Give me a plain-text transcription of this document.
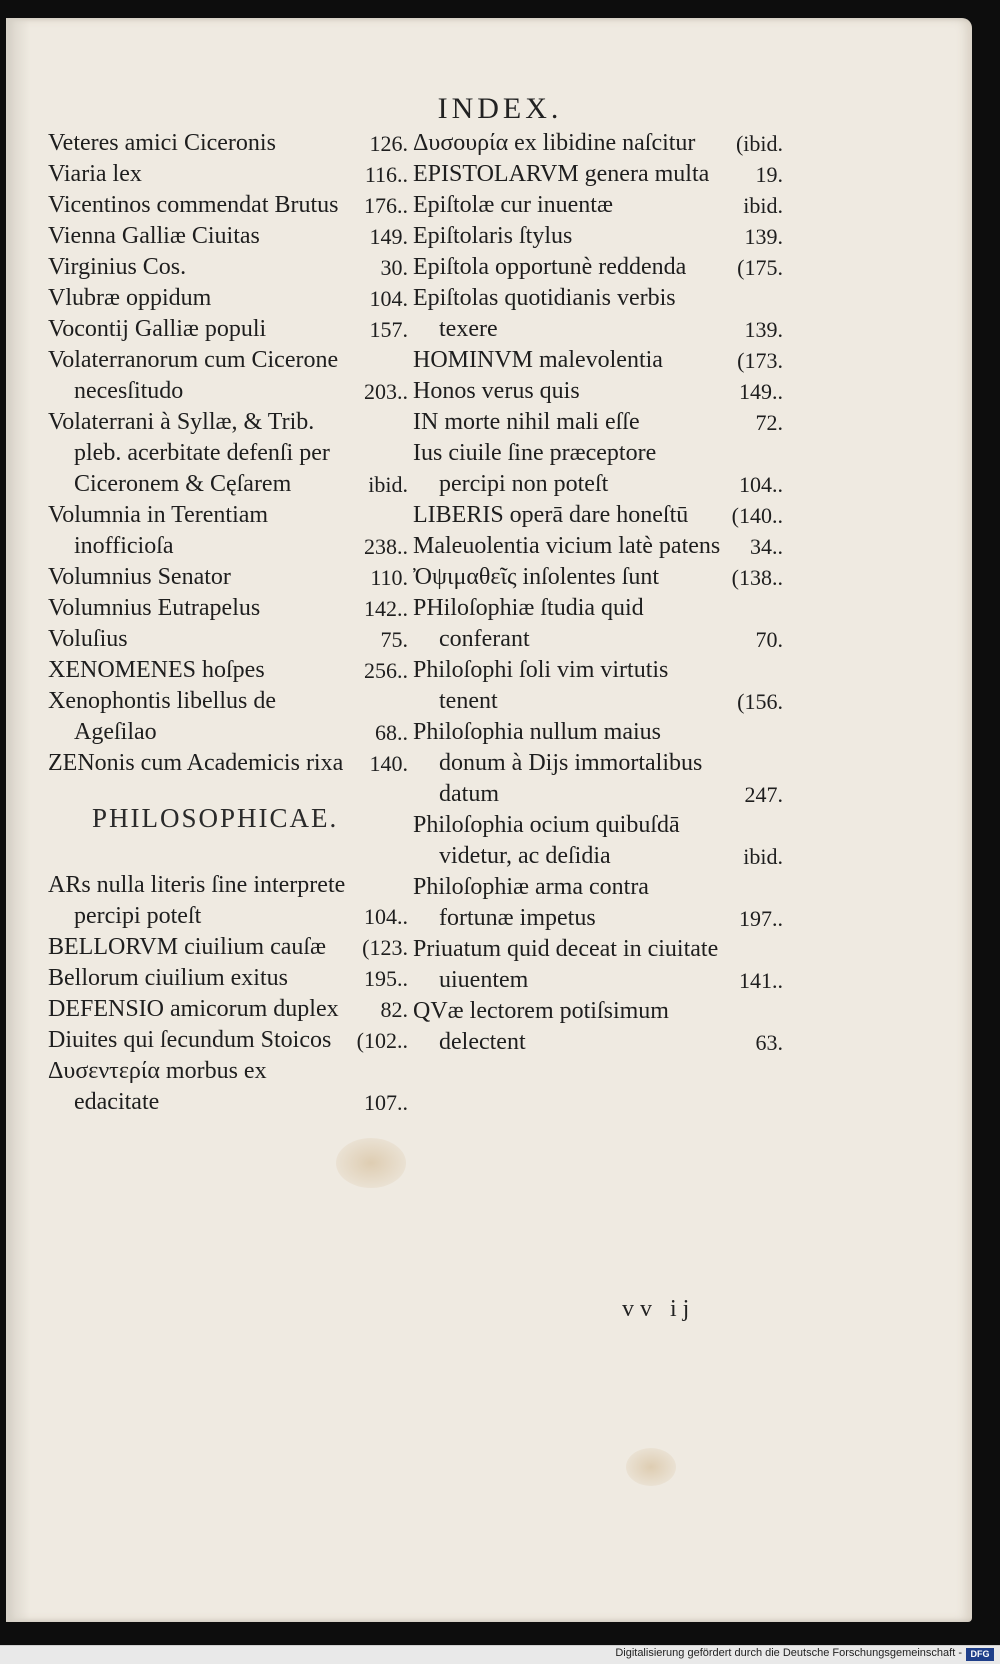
INDEX.
Veteres amici Ciceronis	126.
Viaria lex	116..
Vicentinos commendat Brutus 176..
Vienna Galliæ Ciuitas	149.
Virginius Cos.	30.
Vlubræ oppidum	104.
Vocontij Galliæ populi	157.
Volaterranorum cum Cicerone necesſitudo	203..
Volaterrani à Syllæ, & Trib. pleb. acerbitate defenſi per Ciceronem & Cęſarem	ibid.
Volumnia in Terentiam inofficioſa	238..
Volumnius Senator	110.
Volumnius Eutrapelus	142..
Voluſius	75.
XENOMENES hoſpes	256..
Xenophontis libellus de Ageſilao	68..
ZENonis cum Academicis rixa 140.
PHILOSOPHICAE.
ARs nulla literis ſine interprete percipi poteſt	104..
BELLORVM ciuilium cauſæ (123.
Bellorum ciuilium exitus	195..
DEFENSIO amicorum duplex 82.
Diuites qui ſecundum Stoicos (102..
Δυσεντερία morbus ex edacitate	107..
Δυσουρία ex libidine naſcitur (ibid.
EPISTOLARVM genera multa 19.
Epiſtolæ cur inuentæ	ibid.
Epiſtolaris ſtylus	139.
Epiſtola opportunè reddenda (175.
Epiſtolas quotidianis verbis texere	139.
HOMINVM malevolentia	(173.
Honos verus quis	149..
IN morte nihil mali eſſe	72.
Ius ciuile ſine præceptore percipi non poteſt	104..
LIBERIS operā dare honeſtū (140..
Maleuolentia vicium latè patens 34..
Ὀψιμαθεῖς inſolentes ſunt	(138..
PHiloſophiæ ſtudia quid conferant	70.
Philoſophi ſoli vim virtutis tenent	(156.
Philoſophia nullum maius donum à Dijs immortalibus datum	247.
Philoſophia ocium quibuſdā videtur, ac deſidia	ibid.
Philoſophiæ arma contra fortunæ impetus	197..
Priuatum quid deceat in ciuitate uiuentem	141..
QVæ lectorem potiſsimum delectent	63.
vv ij
Digitalisierung gefördert durch die Deutsche Forschungsgemeinschaft - DFG
